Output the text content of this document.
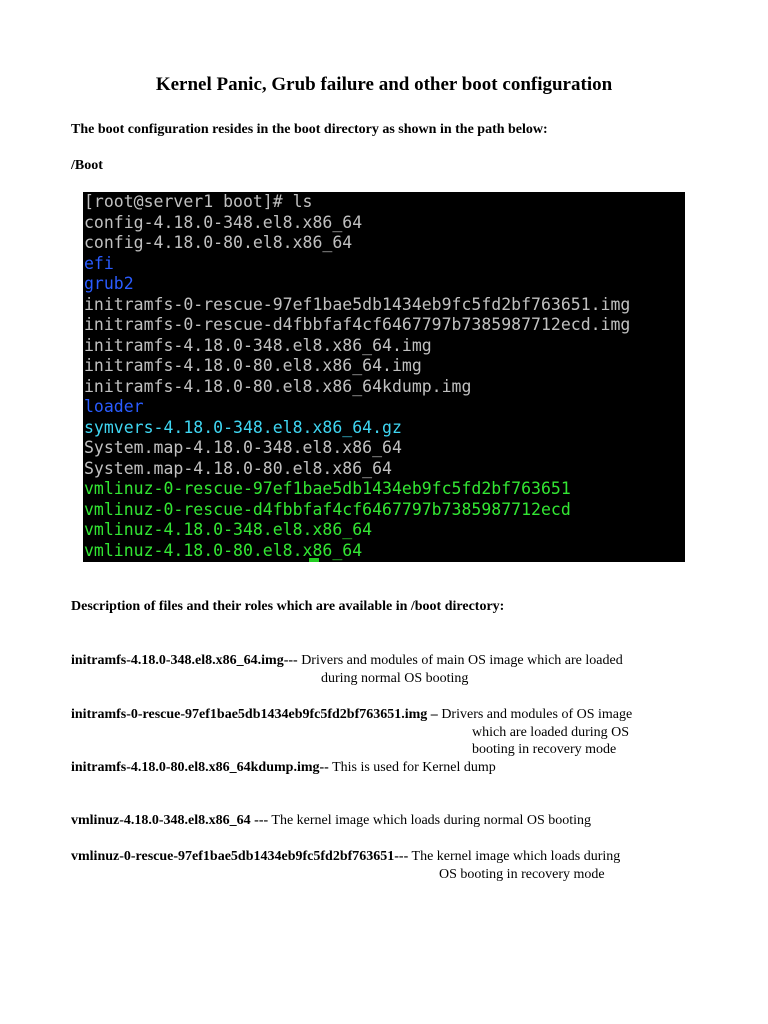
Kernel Panic, Grub failure and other boot configuration
The boot configuration resides in the boot directory as shown in the path below:
/Boot
[root@server1 boot]# ls
config-4.18.0-348.el8.x86_64
config-4.18.0-80.el8.x86_64
efi
grub2
initramfs-0-rescue-97ef1bae5db1434eb9fc5fd2bf763651.img
initramfs-0-rescue-d4fbbfaf4cf6467797b7385987712ecd.img
initramfs-4.18.0-348.el8.x86_64.img
initramfs-4.18.0-80.el8.x86_64.img
initramfs-4.18.0-80.el8.x86_64kdump.img
loader
symvers-4.18.0-348.el8.x86_64.gz
System.map-4.18.0-348.el8.x86_64
System.map-4.18.0-80.el8.x86_64
vmlinuz-0-rescue-97ef1bae5db1434eb9fc5fd2bf763651
vmlinuz-0-rescue-d4fbbfaf4cf6467797b7385987712ecd
vmlinuz-4.18.0-348.el8.x86_64
vmlinuz-4.18.0-80.el8.x86_64
Description of files and their roles which are available in /boot directory:
initramfs-4.18.0-348.el8.x86_64.img--- Drivers and modules of main OS image which are loaded
during normal OS booting
initramfs-0-rescue-97ef1bae5db1434eb9fc5fd2bf763651.img – Drivers and modules of OS image
which are loaded during OS
booting in recovery mode
initramfs-4.18.0-80.el8.x86_64kdump.img-- This is used for Kernel dump
vmlinuz-4.18.0-348.el8.x86_64 --- The kernel image which loads during normal OS booting
vmlinuz-0-rescue-97ef1bae5db1434eb9fc5fd2bf763651--- The kernel image which loads during
OS booting in recovery mode
